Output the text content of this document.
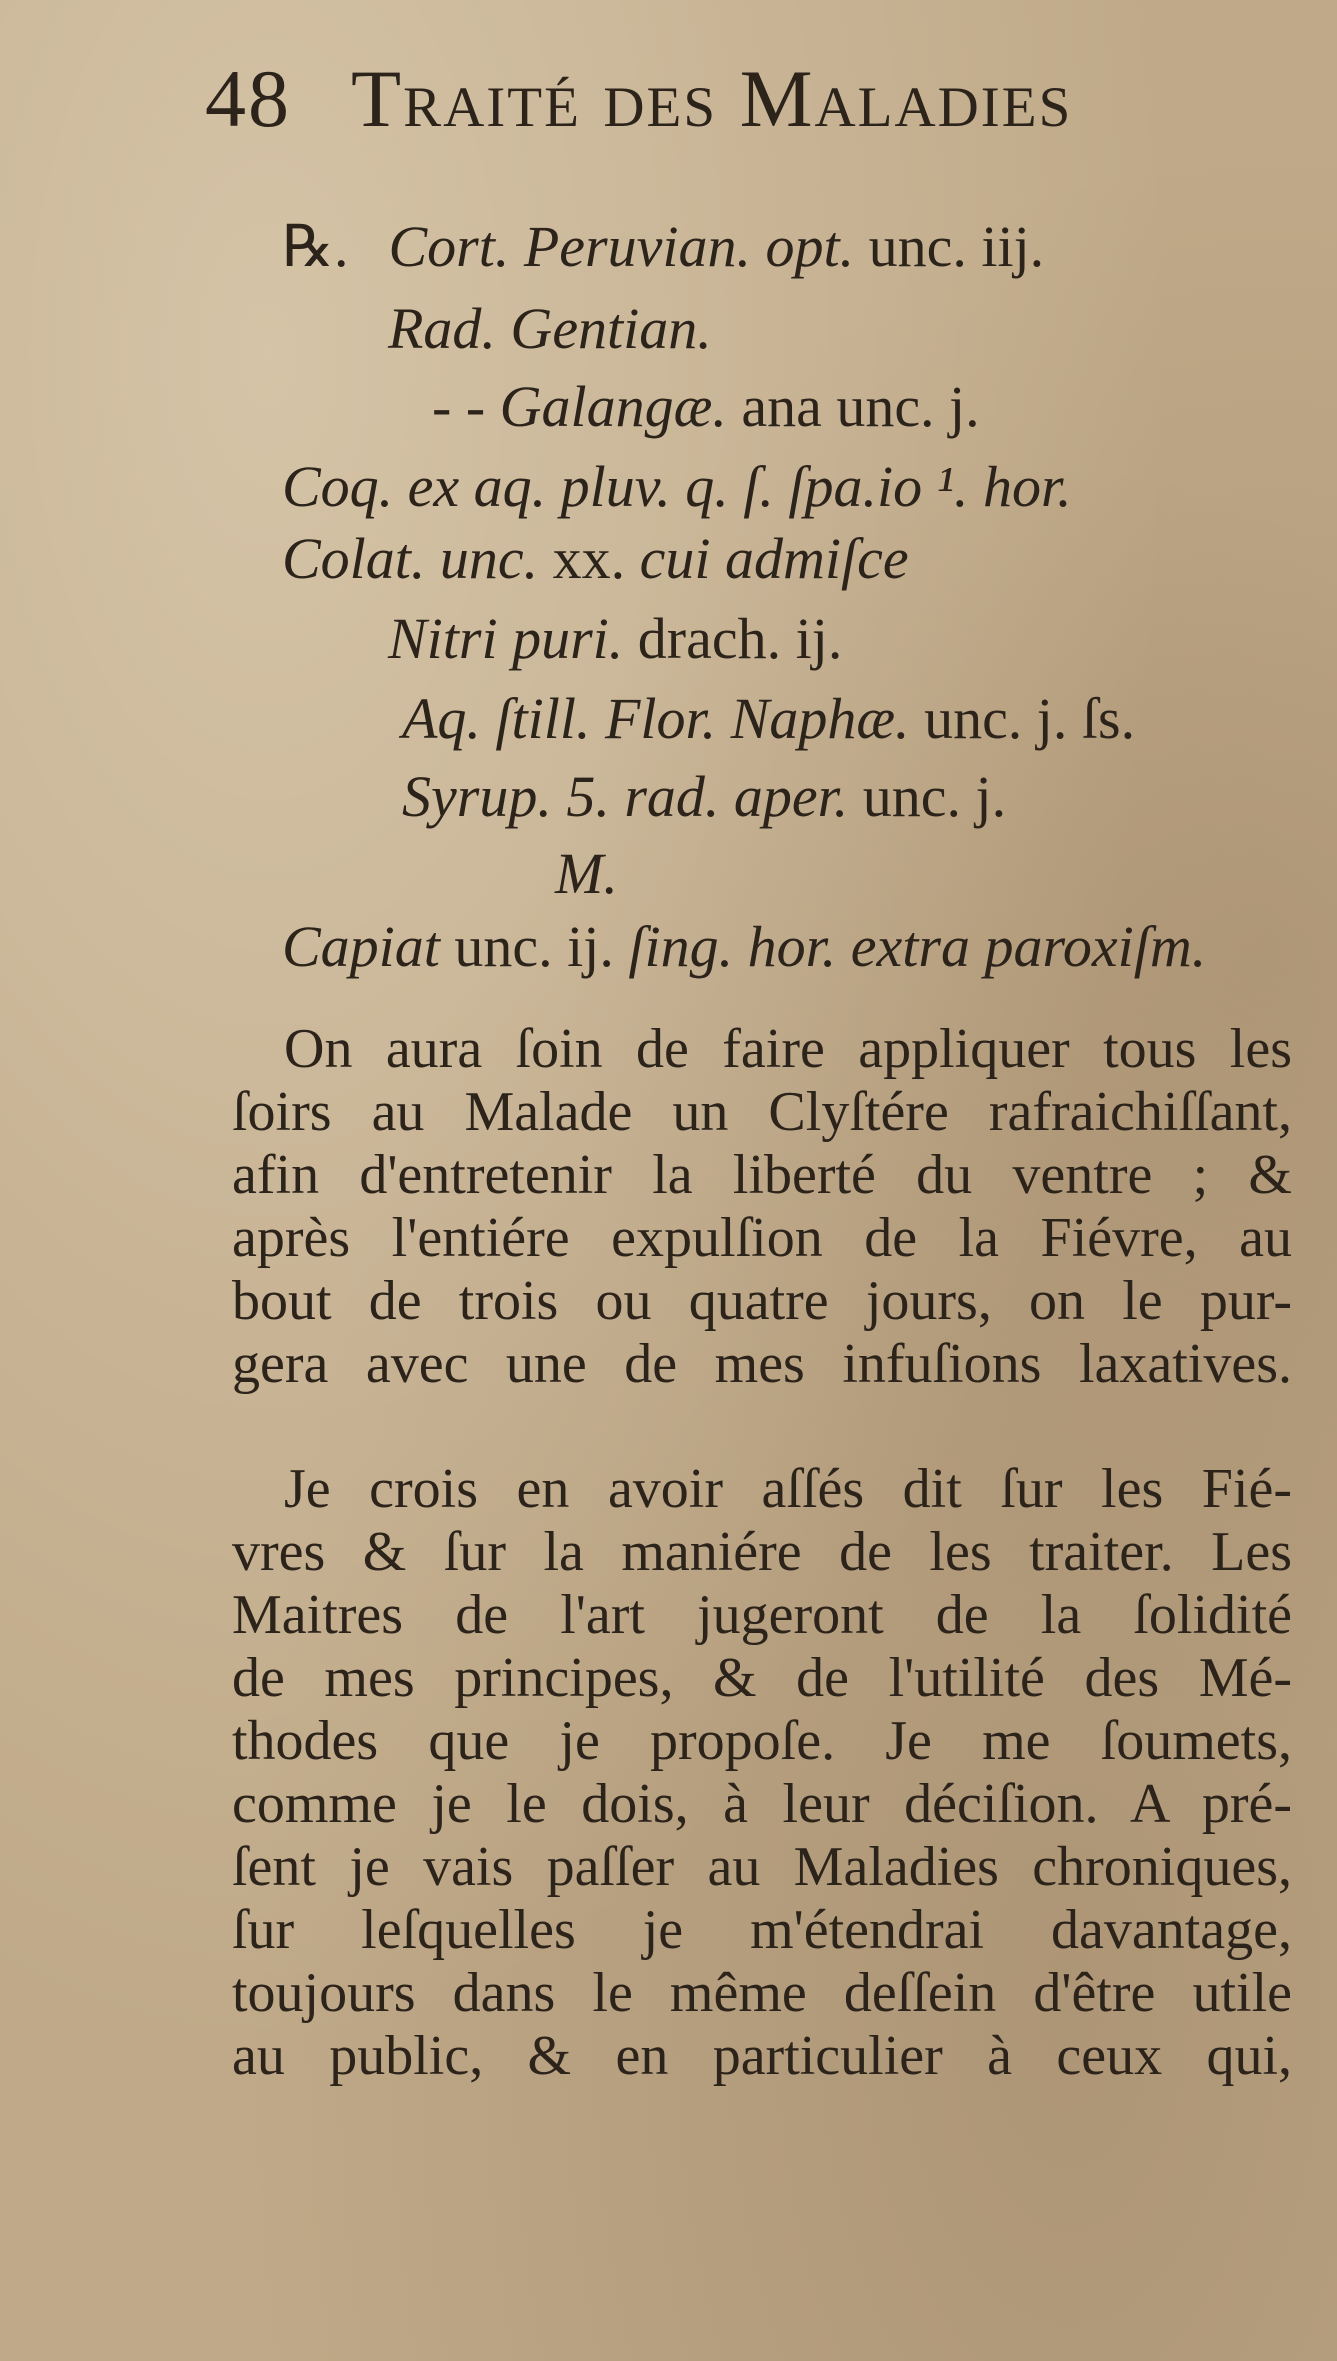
48 Traité des Maladies
℞. Cort. Peruvian. opt. unc. iij.
Rad. Gentian.
- - Galangæ. ana unc. j.
Coq. ex aq. pluv. q. ſ. ſpa.io ¹. hor.
Colat. unc. xx. cui admiſce
Nitri puri. drach. ij.
Aq. ſtill. Flor. Naphæ. unc. j. ſs.
Syrup. 5. rad. aper. unc. j.
M.
Capiat unc. ij. ſing. hor. extra paroxiſm.
On aura ſoin de faire appliquer tous les
ſoirs au Malade un Clyſtére rafraichiſſant,
afin d'entretenir la liberté du ventre ; &
après l'entiére expulſion de la Fiévre, au
bout de trois ou quatre jours, on le pur-
gera avec une de mes infuſions laxatives.
Je crois en avoir aſſés dit ſur les Fié-
vres & ſur la maniére de les traiter. Les
Maitres de l'art jugeront de la ſolidité
de mes principes, & de l'utilité des Mé-
thodes que je propoſe. Je me ſoumets,
comme je le dois, à leur déciſion. A pré-
ſent je vais paſſer au Maladies chroniques,
ſur leſquelles je m'étendrai davantage,
toujours dans le même deſſein d'être utile
au public, & en particulier à ceux qui,
